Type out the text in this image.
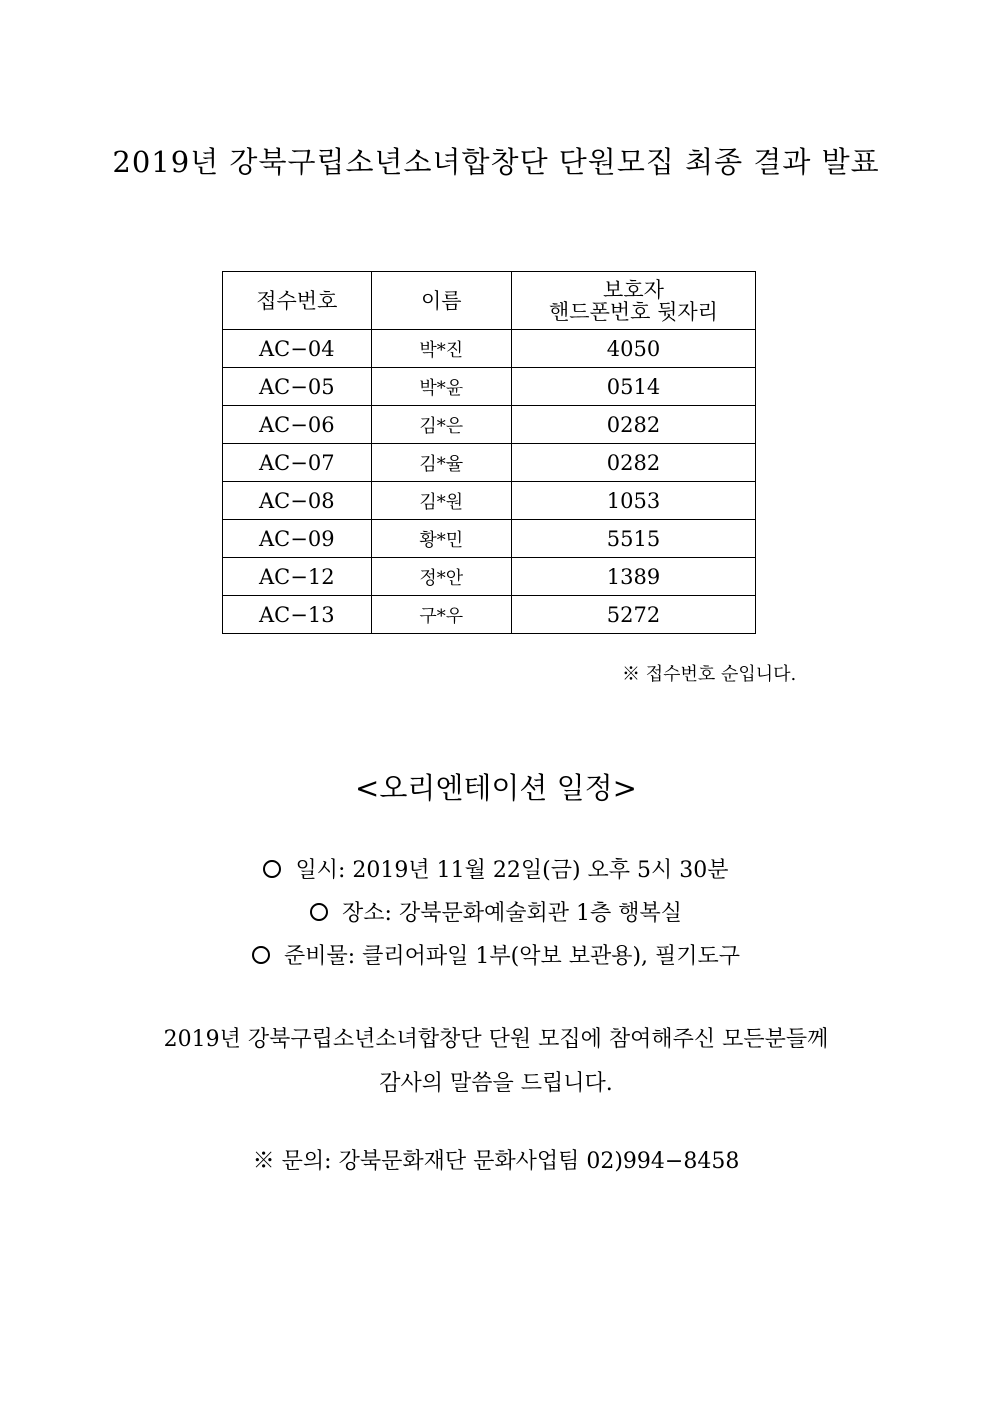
2019년 강북구립소년소녀합창단 단원모집 최종 결과 발표
접수번호	이름	보호자
핸드폰번호 뒷자리
AC−04	박*진	4050
AC−05	박*윤	0514
AC−06	김*은	0282
AC−07	김*율	0282
AC−08	김*원	1053
AC−09	황*민	5515
AC−12	정*안	1389
AC−13	구*우	5272

※ 접수번호 순입니다.

<오리엔테이션 일정>

일시: 2019년 11월 22일(금) 오후 5시 30분

장소: 강북문화예술회관 1층 행복실

준비물: 클리어파일 1부(악보 보관용), 필기도구

2019년 강북구립소년소녀합창단 단원 모집에 참여해주신 모든분들께

감사의 말씀을 드립니다.

※ 문의: 강북문화재단 문화사업팀 02)994−8458
